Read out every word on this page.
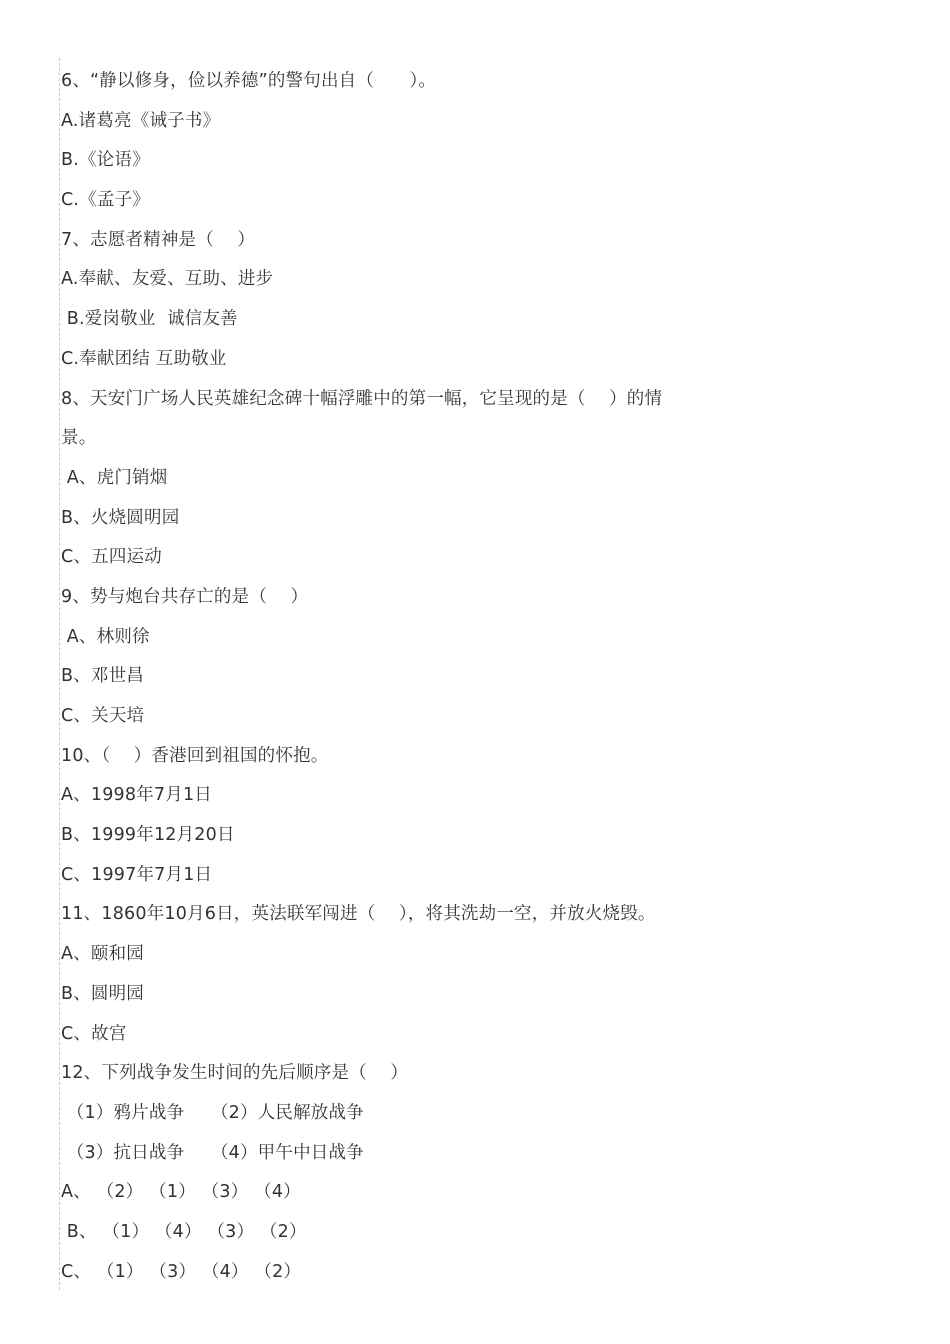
6、“静以修身，俭以养德”的警句出自（　　）。
A.诸葛亮《诫子书》
B.《论语》
C.《孟子》
7、志愿者精神是（　 ）
A.奉献、友爱、互助、进步
B.爱岗敬业  诚信友善
C.奉献团结 互助敬业
8、天安门广场人民英雄纪念碑十幅浮雕中的第一幅，它呈现的是（　 ）的情
景。
A、虎门销烟
B、火烧圆明园
C、五四运动
9、势与炮台共存亡的是（　 ）
A、林则徐
B、邓世昌
C、关天培
10、（　 ）香港回到祖国的怀抱。
A、1998年7月1日
B、1999年12月20日
C、1997年7月1日
11、1860年10月6日，英法联军闯进（　 ），将其洗劫一空，并放火烧毁。
A、颐和园
B、圆明园
C、故宫
12、下列战争发生时间的先后顺序是（　 ）
（1）鸦片战争　　（2）人民解放战争
（3）抗日战争　　（4）甲午中日战争
A、 （2） （1） （3） （4）
B、 （1） （4） （3） （2）
C、 （1） （3） （4） （2）
